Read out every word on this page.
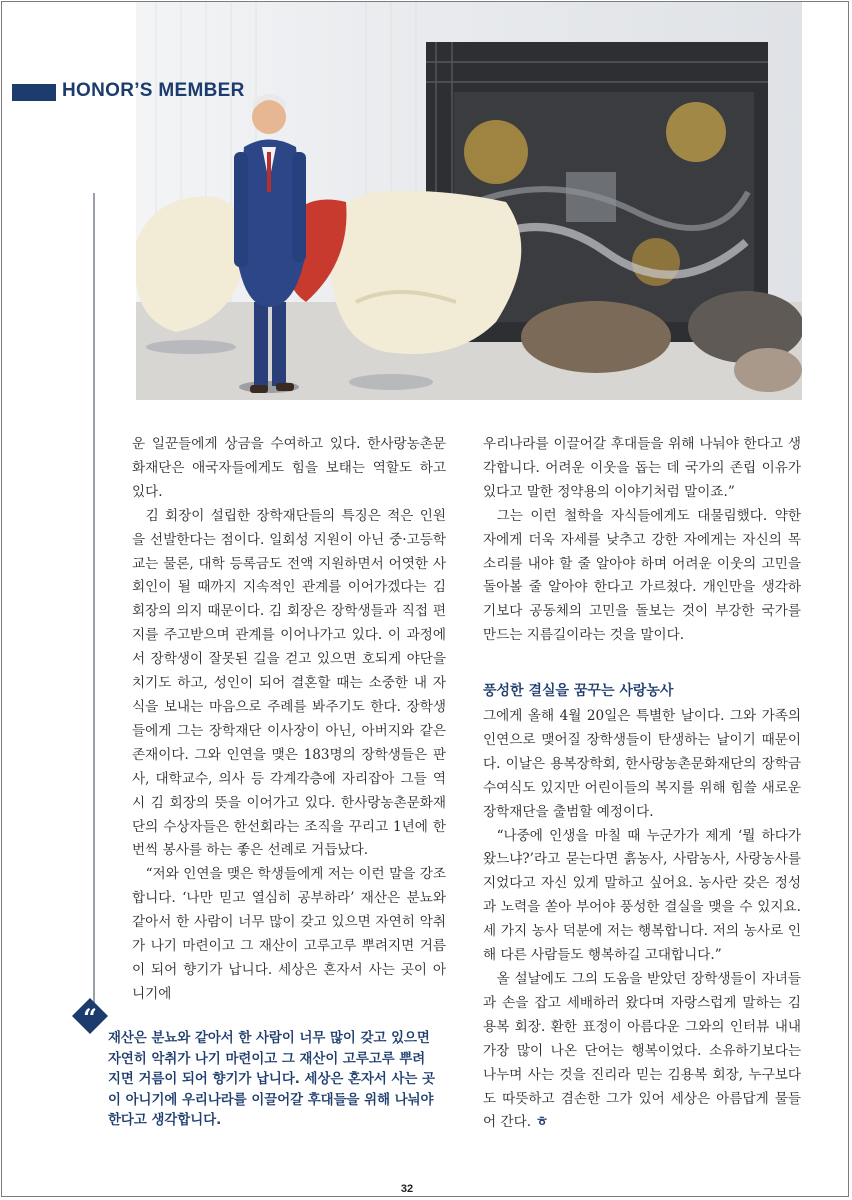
HONOR’S MEMBER

운 일꾼들에게 상금을 수여하고 있다. 한사랑농촌문화재단은 애국자들에게도 힘을 보태는 역할도 하고 있다.

김 회장이 설립한 장학재단들의 특징은 적은 인원을 선발한다는 점이다. 일회성 지원이 아닌 중·고등학교는 물론, 대학 등록금도 전액 지원하면서 어엿한 사회인이 될 때까지 지속적인 관계를 이어가겠다는 김 회장의 의지 때문이다. 김 회장은 장학생들과 직접 편지를 주고받으며 관계를 이어나가고 있다. 이 과정에서 장학생이 잘못된 길을 걷고 있으면 호되게 야단을 치기도 하고, 성인이 되어 결혼할 때는 소중한 내 자식을 보내는 마음으로 주례를 봐주기도 한다. 장학생들에게 그는 장학재단 이사장이 아닌, 아버지와 같은 존재이다. 그와 인연을 맺은 183명의 장학생들은 판사, 대학교수, 의사 등 각계각층에 자리잡아 그들 역시 김 회장의 뜻을 이어가고 있다. 한사랑농촌문화재단의 수상자들은 한선회라는 조직을 꾸리고 1년에 한 번씩 봉사를 하는 좋은 선례로 거듭났다.

“저와 인연을 맺은 학생들에게 저는 이런 말을 강조합니다. ‘나만 믿고 열심히 공부하라’ 재산은 분뇨와 같아서 한 사람이 너무 많이 갖고 있으면 자연히 악취가 나기 마련이고 그 재산이 고루고루 뿌려지면 거름이 되어 향기가 납니다. 세상은 혼자서 사는 곳이 아니기에

우리나라를 이끌어갈 후대들을 위해 나눠야 한다고 생각합니다. 어려운 이웃을 돕는 데 국가의 존립 이유가 있다고 말한 정약용의 이야기처럼 말이죠.”

그는 이런 철학을 자식들에게도 대물림했다. 약한 자에게 더욱 자세를 낮추고 강한 자에게는 자신의 목소리를 내야 할 줄 알아야 하며 어려운 이웃의 고민을 돌아볼 줄 알아야 한다고 가르쳤다. 개인만을 생각하기보다 공동체의 고민을 돌보는 것이 부강한 국가를 만드는 지름길이라는 것을 말이다.

풍성한 결실을 꿈꾸는 사랑농사

그에게 올해 4월 20일은 특별한 날이다. 그와 가족의 인연으로 맺어질 장학생들이 탄생하는 날이기 때문이다. 이날은 용복장학회, 한사랑농촌문화재단의 장학금 수여식도 있지만 어린이들의 복지를 위해 힘쓸 새로운 장학재단을 출범할 예정이다.

“나중에 인생을 마칠 때 누군가가 제게 ‘뭘 하다가 왔느냐?’라고 묻는다면 흙농사, 사람농사, 사랑농사를 지었다고 자신 있게 말하고 싶어요. 농사란 갖은 정성과 노력을 쏟아 부어야 풍성한 결실을 맺을 수 있지요. 세 가지 농사 덕분에 저는 행복합니다. 저의 농사로 인해 다른 사람들도 행복하길 고대합니다.”

올 설날에도 그의 도움을 받았던 장학생들이 자녀들과 손을 잡고 세배하러 왔다며 자랑스럽게 말하는 김용복 회장. 환한 표정이 아름다운 그와의 인터뷰 내내 가장 많이 나온 단어는 행복이었다. 소유하기보다는 나누며 사는 것을 진리라 믿는 김용복 회장, 누구보다도 따뜻하고 겸손한 그가 있어 세상은 아름답게 물들어 간다. ㅎ

“
재산은 분뇨와 같아서 한 사람이 너무 많이 갖고 있으면 자연히 악취가 나기 마련이고 그 재산이 고루고루 뿌려지면 거름이 되어 향기가 납니다. 세상은 혼자서 사는 곳이 아니기에 우리나라를 이끌어갈 후대들을 위해 나눠야 한다고 생각합니다.
32
